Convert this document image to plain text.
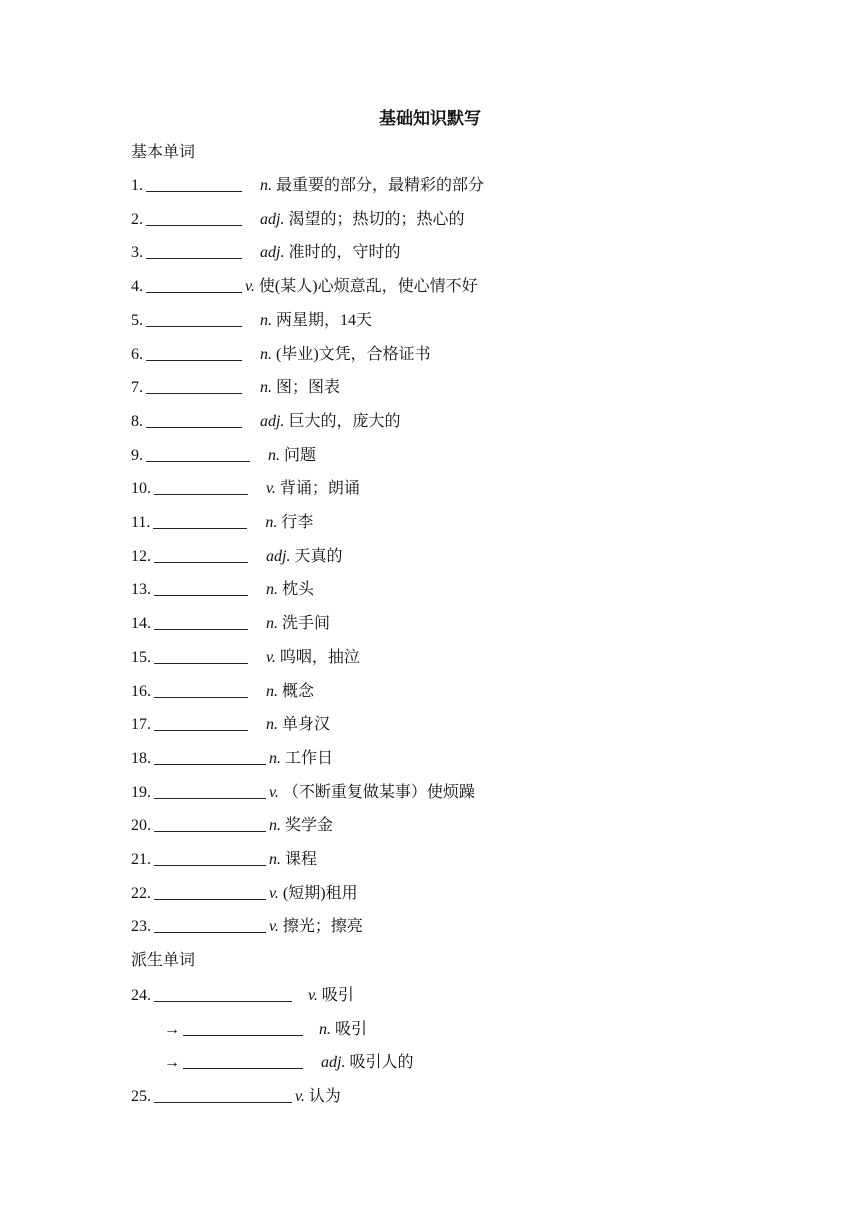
基础知识默写
基本单词
1.	n. 最重要的部分，最精彩的部分
2.	adj. 渴望的；热切的；热心的
3.	adj. 准时的，守时的
4.	v. 使(某人)心烦意乱，使心情不好
5.	n. 两星期，14天
6.	n. (毕业)文凭，合格证书
7.	n. 图；图表
8.	adj. 巨大的，庞大的
9.	n. 问题
10.	v. 背诵；朗诵
11.	n. 行李
12.	adj. 天真的
13.	n. 枕头
14.	n. 洗手间
15.	v. 呜咽，抽泣
16.	n. 概念
17.	n. 单身汉
18.	n. 工作日
19.	v. （不断重复做某事）使烦躁
20.	n. 奖学金
21.	n. 课程
22.	v. (短期)租用
23.	v. 擦光；擦亮
派生单词
24.	v. 吸引
→	n. 吸引
→	adj. 吸引人的
25.	v. 认为
